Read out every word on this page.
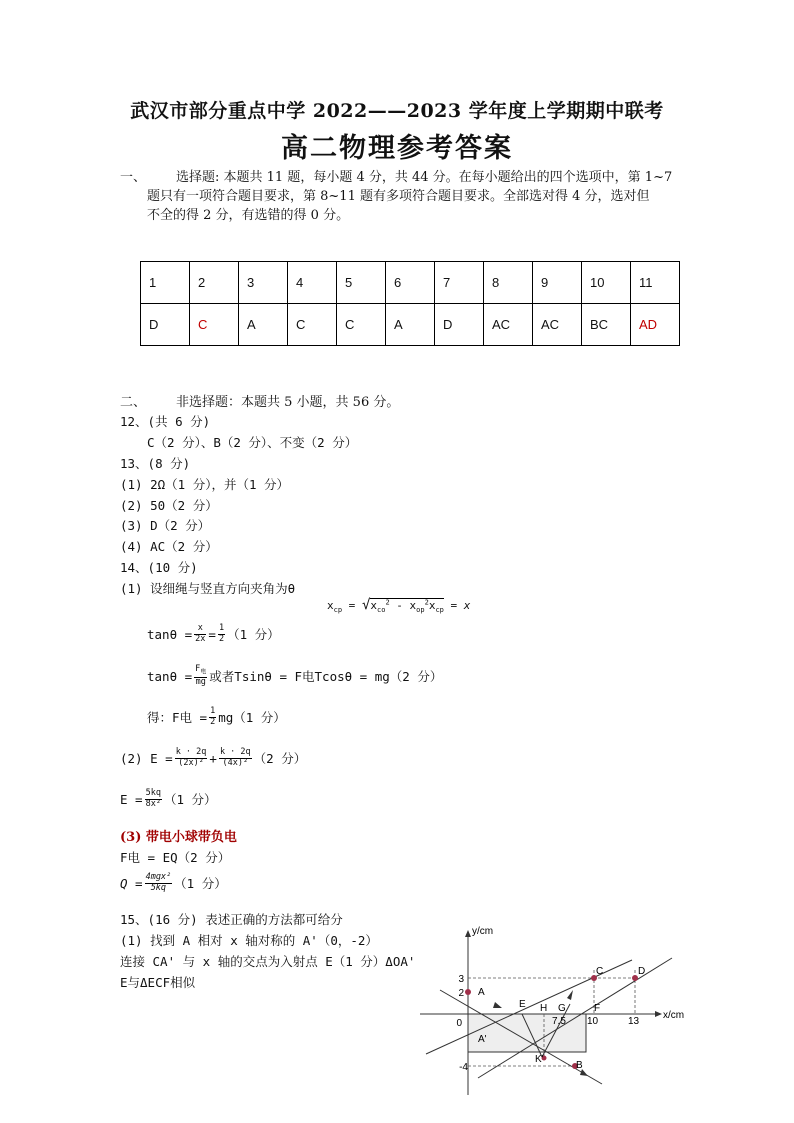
武汉市部分重点中学 2022——2023 学年度上学期期中联考
高二物理参考答案
一、 选择题: 本题共 11 题，每小题 4 分，共 44 分。在每小题给出的四个选项中，第 1~7
题只有一项符合题目要求，第 8~11 题有多项符合题目要求。全部选对得 4 分，选对但
不全的得 2 分，有选错的得 0 分。
1	2	3	4	5	6	7	8	9	10	11
D	C	A	C	C	A	D	AC	AC	BC	AD
二、 非选择题：本题共 5 小题，共 56 分。
12、(共 6 分)
C（2 分）、B（2 分）、不变（2 分）
13、(8 分)
(1) 2Ω（1 分），并（1 分）
(2) 50（2 分）
(3) D（2 分）
(4) AC（2 分）
14、(10 分)
(1) 设细绳与竖直方向夹角为θ
$x_{cp} = √x_{co}^2 - x_{op}^2x_{cp} = x$
$\tan\theta = \frac{x}{2x} = \frac{1}{2} (1$ 分）
$\tan\theta = \frac{F_电}{mg}$ 或者Tsinθ = F电Tcosθ = mg（2 分）
得：F电 = $\frac{1}{2} mg(1$ 分）
(2) $E = \frac{k \cdot 2q}{\text{(2x)²}} + \frac{k \cdot 2q}{\text{(4x)²}} (2$ 分）
$E = \frac{5kq}{\text{8x²}} (1$ 分）
(3) 带电小球带负电
F电 = EQ（2 分）
$Q = \frac{\text{4mgx²}}{5kq} (1$ 分）
15、(16 分) 表述正确的方法都可给分
(1) 找到 A 相对 x 轴对称的 A'（0，-2）
连接 CA' 与 x 轴的交点为入射点 E（1 分）ΔOA'
E与ΔECF相似
y/cm
x/cm
0
3
2
-4
7.5 10	13
A
A'
E H G
K'
B
C	D
F
